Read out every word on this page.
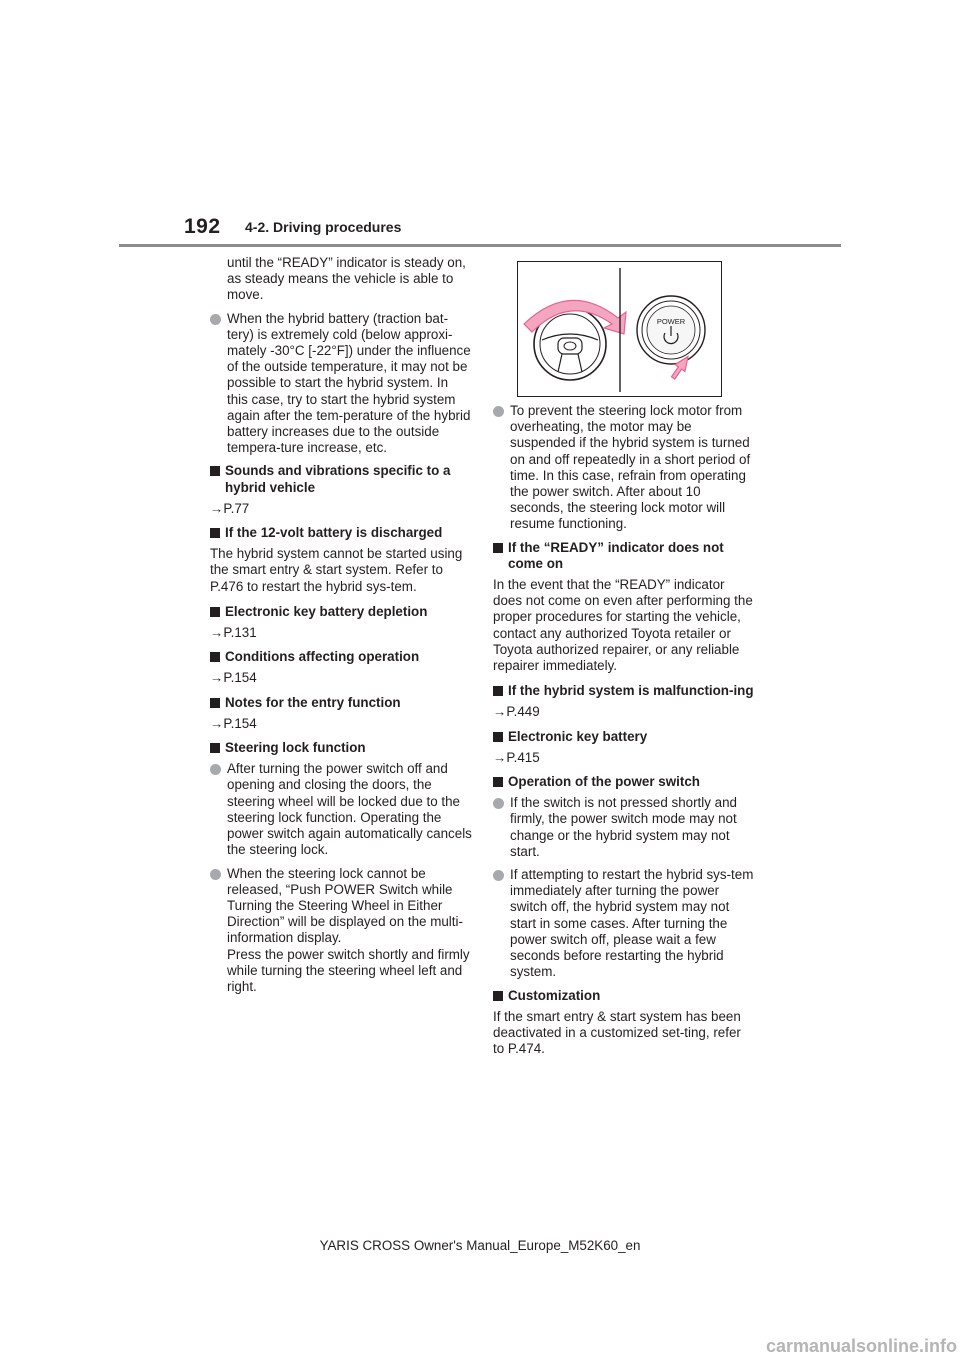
192 4-2. Driving procedures
until the “READY” indicator is steady on, as steady means the vehicle is able to move.
When the hybrid battery (traction bat-tery) is extremely cold (below approxi-mately -30°C [-22°F]) under the influence of the outside temperature, it may not be possible to start the hybrid system. In this case, try to start the hybrid system again after the tem-perature of the hybrid battery increases due to the outside tempera-ture increase, etc.
Sounds and vibrations specific to a hybrid vehicle
→P.77
If the 12-volt battery is discharged
The hybrid system cannot be started using the smart entry & start system. Refer to P.476 to restart the hybrid sys-tem.
Electronic key battery depletion
→P.131
Conditions affecting operation
→P.154
Notes for the entry function
→P.154
Steering lock function
After turning the power switch off and opening and closing the doors, the steering wheel will be locked due to the steering lock function. Operating the power switch again automatically cancels the steering lock.
When the steering lock cannot be released, “Push POWER Switch while Turning the Steering Wheel in Either Direction” will be displayed on the multi-information display.
Press the power switch shortly and firmly while turning the steering wheel left and right.
POWER
To prevent the steering lock motor from overheating, the motor may be suspended if the hybrid system is turned on and off repeatedly in a short period of time. In this case, refrain from operating the power switch. After about 10 seconds, the steering lock motor will resume functioning.
If the “READY” indicator does not come on
In the event that the “READY” indicator does not come on even after performing the proper procedures for starting the vehicle, contact any authorized Toyota retailer or Toyota authorized repairer, or any reliable repairer immediately.
If the hybrid system is malfunction-ing
→P.449
Electronic key battery
→P.415
Operation of the power switch
If the switch is not pressed shortly and firmly, the power switch mode may not change or the hybrid system may not start.
If attempting to restart the hybrid sys-tem immediately after turning the power switch off, the hybrid system may not start in some cases. After turning the power switch off, please wait a few seconds before restarting the hybrid system.
Customization
If the smart entry & start system has been deactivated in a customized set-ting, refer to P.474.
YARIS CROSS Owner's Manual_Europe_M52K60_en
carmanualsonline.info
